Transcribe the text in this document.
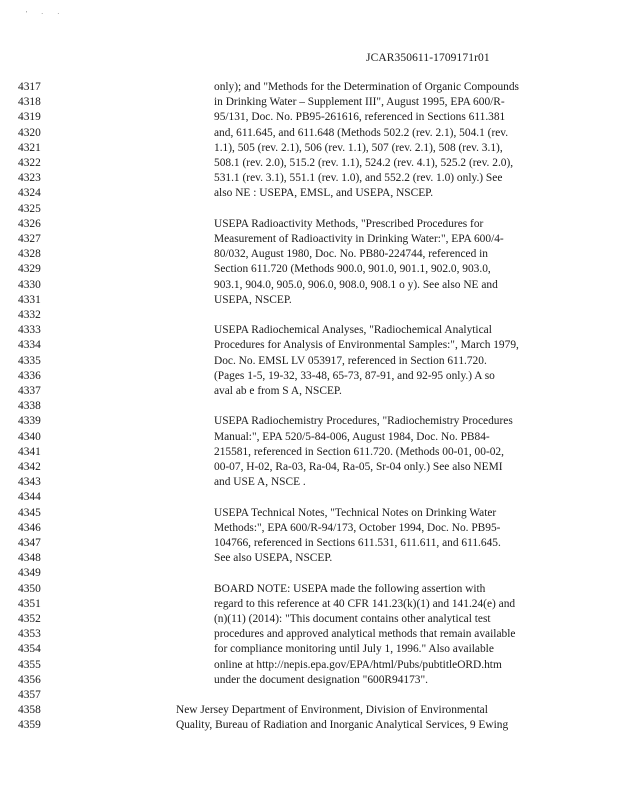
' · ·
JCAR350611-1709171r01
4317	only); and "Methods for the Determination of Organic Compounds
4318	in Drinking Water – Supplement III", August 1995, EPA 600/R-
4319	95/131, Doc. No. PB95-261616, referenced in Sections 611.381
4320	and, 611.645, and 611.648 (Methods 502.2 (rev. 2.1), 504.1 (rev.
4321	1.1), 505 (rev. 2.1), 506 (rev. 1.1), 507 (rev. 2.1), 508 (rev. 3.1),
4322	508.1 (rev. 2.0), 515.2 (rev. 1.1), 524.2 (rev. 4.1), 525.2 (rev. 2.0),
4323	531.1 (rev. 3.1), 551.1 (rev. 1.0), and 552.2 (rev. 1.0) only.) See
4324	also NE : USEPA, EMSL, and USEPA, NSCEP.
4325
4326	USEPA Radioactivity Methods, "Prescribed Procedures for
4327	Measurement of Radioactivity in Drinking Water:", EPA 600/4-
4328	80/032, August 1980, Doc. No. PB80-224744, referenced in
4329	Section 611.720 (Methods 900.0, 901.0, 901.1, 902.0, 903.0,
4330	903.1, 904.0, 905.0, 906.0, 908.0, 908.1 o y). See also NE and
4331	USEPA, NSCEP.
4332
4333	USEPA Radiochemical Analyses, "Radiochemical Analytical
4334	Procedures for Analysis of Environmental Samples:", March 1979,
4335	Doc. No. EMSL LV 053917, referenced in Section 611.720.
4336	(Pages 1-5, 19-32, 33-48, 65-73, 87-91, and 92-95 only.) A so
4337	aval ab e from S A, NSCEP.
4338
4339	USEPA Radiochemistry Procedures, "Radiochemistry Procedures
4340	Manual:", EPA 520/5-84-006, August 1984, Doc. No. PB84-
4341	215581, referenced in Section 611.720. (Methods 00-01, 00-02,
4342	00-07, H-02, Ra-03, Ra-04, Ra-05, Sr-04 only.) See also NEMI
4343	and USE A, NSCE .
4344
4345	USEPA Technical Notes, "Technical Notes on Drinking Water
4346	Methods:", EPA 600/R-94/173, October 1994, Doc. No. PB95-
4347	104766, referenced in Sections 611.531, 611.611, and 611.645.
4348	See also USEPA, NSCEP.
4349
4350	BOARD NOTE: USEPA made the following assertion with
4351	regard to this reference at 40 CFR 141.23(k)(1) and 141.24(e) and
4352	(n)(11) (2014): "This document contains other analytical test
4353	procedures and approved analytical methods that remain available
4354	for compliance monitoring until July 1, 1996." Also available
4355	online at http://nepis.epa.gov/EPA/html/Pubs/pubtitleORD.htm
4356	under the document designation "600R94173".
4357
4358	New Jersey Department of Environment, Division of Environmental
4359	Quality, Bureau of Radiation and Inorganic Analytical Services, 9 Ewing
